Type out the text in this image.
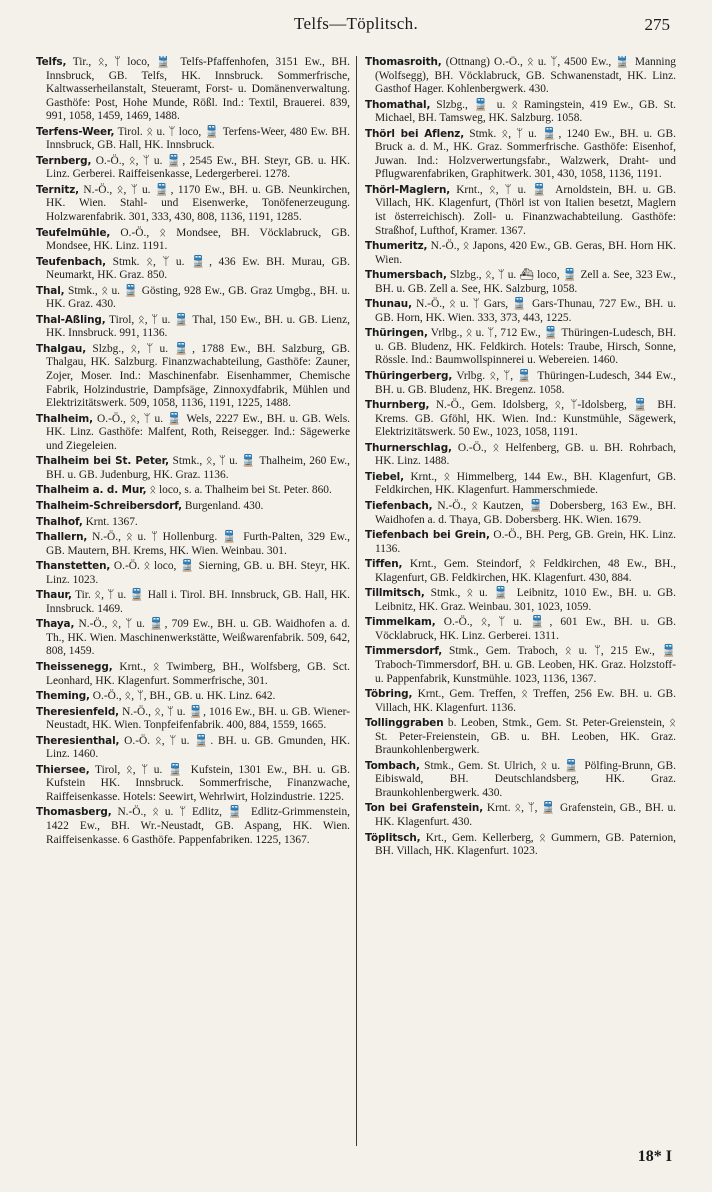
Telfs—Töplitsch.	275

Telfs, Tir., ᛟ, ᛘ loco, 🚆 Telfs-Pfaffenhofen, 3151 Ew., BH. Innsbruck, GB. Telfs, HK. Innsbruck. Sommerfrische, Kaltwasserheilanstalt, Steueramt, Forst- u. Domänenverwaltung. Gasthöfe: Post, Hohe Munde, Rößl. Ind.: Textil, Brauerei. 839, 991, 1058, 1459, 1469, 1488.

Terfens-Weer, Tirol. ᛟ u. ᛘ loco, 🚆 Terfens-Weer, 480 Ew. BH. Innsbruck, GB. Hall, HK. Innsbruck.

Ternberg, O.-Ö., ᛟ, ᛘ u. 🚆, 2545 Ew., BH. Steyr, GB. u. HK. Linz. Gerberei. Raiffeisenkasse, Ledergerberei. 1278.

Ternitz, N.-Ö., ᛟ, ᛘ u. 🚆, 1170 Ew., BH. u. GB. Neunkirchen, HK. Wien. Stahl- und Eisenwerke, Tonöfenerzeugung. Holzwarenfabrik. 301, 333, 430, 808, 1136, 1191, 1285.

Teufelmühle, O.-Ö., ᛟ Mondsee, BH. Vöcklabruck, GB. Mondsee, HK. Linz. 1191.

Teufenbach, Stmk. ᛟ, ᛘ u. 🚆, 436 Ew. BH. Murau, GB. Neumarkt, HK. Graz. 850.

Thal, Stmk., ᛟ u. 🚆 Gösting, 928 Ew., GB. Graz Umgbg., BH. u. HK. Graz. 430.

Thal-Aßling, Tirol, ᛟ, ᛘ u. 🚆 Thal, 150 Ew., BH. u. GB. Lienz, HK. Innsbruck. 991, 1136.

Thalgau, Slzbg., ᛟ, ᛘ u. 🚆, 1788 Ew., BH. Salzburg, GB. Thalgau, HK. Salzburg. Finanzwachabteilung, Gasthöfe: Zauner, Zojer, Moser. Ind.: Maschinenfabr. Eisenhammer, Chemische Fabrik, Holzindustrie, Dampfsäge, Zinnoxydfabrik, Mühlen und Elektrizitätswerk. 509, 1058, 1136, 1191, 1225, 1488.

Thalheim, O.-Ö., ᛟ, ᛘ u. 🚆 Wels, 2227 Ew., BH. u. GB. Wels. HK. Linz. Gasthöfe: Malfent, Roth, Reisegger. Ind.: Sägewerke und Ziegeleien.

Thalheim bei St. Peter, Stmk., ᛟ, ᛘ u. 🚆 Thalheim, 260 Ew., BH. u. GB. Judenburg, HK. Graz. 1136.

Thalheim a. d. Mur, ᛟ loco, s. a. Thalheim bei St. Peter. 860.

Thalheim-Schreibersdorf, Burgenland. 430.

Thalhof, Krnt. 1367.

Thallern, N.-Ö., ᛟ u. ᛘ Hollenburg. 🚆 Furth-Palten, 329 Ew., GB. Mautern, BH. Krems, HK. Wien. Weinbau. 301.

Thanstetten, O.-Ö. ᛟ loco, 🚆 Sierning, GB. u. BH. Steyr, HK. Linz. 1023.

Thaur, Tir. ᛟ, ᛘ u. 🚆 Hall i. Tirol. BH. Innsbruck, GB. Hall, HK. Innsbruck. 1469.

Thaya, N.-Ö., ᛟ, ᛘ u. 🚆, 709 Ew., BH. u. GB. Waidhofen a. d. Th., HK. Wien. Maschinenwerkstätte, Weißwarenfabrik. 509, 642, 808, 1459.

Theissenegg, Krnt., ᛟ Twimberg, BH., Wolfsberg, GB. Sct. Leonhard, HK. Klagenfurt. Sommerfrische, 301.

Theming, O.-Ö., ᛟ, ᛘ, BH., GB. u. HK. Linz. 642.

Theresienfeld, N.-Ö., ᛟ, ᛘ u. 🚆, 1016 Ew., BH. u. GB. Wiener-Neustadt, HK. Wien. Tonpfeifenfabrik. 400, 884, 1559, 1665.

Theresienthal, O.-Ö. ᛟ, ᛘ u. 🚆. BH. u. GB. Gmunden, HK. Linz. 1460.

Thiersee, Tirol, ᛟ, ᛘ u. 🚆 Kufstein, 1301 Ew., BH. u. GB. Kufstein HK. Innsbruck. Sommerfrische, Finanzwache, Raiffeisenkasse. Hotels: Seewirt, Wehrlwirt, Holzindustrie. 1225.

Thomasberg, N.-Ö., ᛟ u. ᛘ Edlitz, 🚆 Edlitz-Grimmenstein, 1422 Ew., BH. Wr.-Neustadt, GB. Aspang, HK. Wien. Raiffeisenkasse. 6 Gasthöfe. Pappenfabriken. 1225, 1367.

Thomasroith, (Ottnang) O.-Ö., ᛟ u. ᛘ, 4500 Ew., 🚆 Manning (Wolfsegg), BH. Vöcklabruck, GB. Schwanenstadt, HK. Linz. Gasthof Hager. Kohlenbergwerk. 430.

Thomathal, Slzbg., 🚆 u. ᛟ Ramingstein, 419 Ew., GB. St. Michael, BH. Tamsweg, HK. Salzburg. 1058.

Thörl bei Aflenz, Stmk. ᛟ, ᛘ u. 🚆, 1240 Ew., BH. u. GB. Bruck a. d. M., HK. Graz. Sommerfrische. Gasthöfe: Eisenhof, Juwan. Ind.: Holzverwertungsfabr., Walzwerk, Draht- und Pflugwarenfabriken, Graphitwerk. 301, 430, 1058, 1136, 1191.

Thörl-Maglern, Krnt., ᛟ, ᛘ u. 🚆 Arnoldstein, BH. u. GB. Villach, HK. Klagenfurt, (Thörl ist von Italien besetzt, Maglern ist österreichisch). Zoll- u. Finanzwachabteilung. Gasthöfe: Straßhof, Lufthof, Kramer. 1367.

Thumeritz, N.-Ö., ᛟ Japons, 420 Ew., GB. Geras, BH. Horn HK. Wien.

Thumersbach, Slzbg., ᛟ, ᛘ u. ⛴ loco, 🚆 Zell a. See, 323 Ew., BH. u. GB. Zell a. See, HK. Salzburg, 1058.

Thunau, N.-Ö., ᛟ u. ᛘ Gars, 🚆 Gars-Thunau, 727 Ew., BH. u. GB. Horn, HK. Wien. 333, 373, 443, 1225.

Thüringen, Vrlbg., ᛟ u. ᛘ, 712 Ew., 🚆 Thüringen-Ludesch, BH. u. GB. Bludenz, HK. Feldkirch. Hotels: Traube, Hirsch, Sonne, Rössle. Ind.: Baumwollspinnerei u. Webereien. 1460.

Thüringerberg, Vrlbg. ᛟ, ᛘ, 🚆 Thüringen-Ludesch, 344 Ew., BH. u. GB. Bludenz, HK. Bregenz. 1058.

Thurnberg, N.-Ö., Gem. Idolsberg, ᛟ, ᛘ-Idolsberg, 🚆 BH. Krems. GB. Gföhl, HK. Wien. Ind.: Kunstmühle, Sägewerk, Elektrizitätswerk. 50 Ew., 1023, 1058, 1191.

Thurnerschlag, O.-Ö., ᛟ Helfenberg, GB. u. BH. Rohrbach, HK. Linz. 1488.

Tiebel, Krnt., ᛟ Himmelberg, 144 Ew., BH. Klagenfurt, GB. Feldkirchen, HK. Klagenfurt. Hammerschmiede.

Tiefenbach, N.-Ö., ᛟ Kautzen, 🚆 Dobersberg, 163 Ew., BH. Waidhofen a. d. Thaya, GB. Dobersberg. HK. Wien. 1679.

Tiefenbach bei Grein, O.-Ö., BH. Perg, GB. Grein, HK. Linz. 1136.

Tiffen, Krnt., Gem. Steindorf, ᛟ Feldkirchen, 48 Ew., BH., Klagenfurt, GB. Feldkirchen, HK. Klagenfurt. 430, 884.

Tillmitsch, Stmk., ᛟ u. 🚆 Leibnitz, 1010 Ew., BH. u. GB. Leibnitz, HK. Graz. Weinbau. 301, 1023, 1059.

Timmelkam, O.-Ö., ᛟ, ᛘ u. 🚆, 601 Ew., BH. u. GB. Vöcklabruck, HK. Linz. Gerberei. 1311.

Timmersdorf, Stmk., Gem. Traboch, ᛟ u. ᛘ, 215 Ew., 🚆 Traboch-Timmersdorf, BH. u. GB. Leoben, HK. Graz. Holzstoff- u. Pappenfabrik, Kunstmühle. 1023, 1136, 1367.

Töbring, Krnt., Gem. Treffen, ᛟ Treffen, 256 Ew. BH. u. GB. Villach, HK. Klagenfurt. 1136.

Tollinggraben b. Leoben, Stmk., Gem. St. Peter-Greienstein, ᛟ St. Peter-Freienstein, GB. u. BH. Leoben, HK. Graz. Braunkohlenbergwerk.

Tombach, Stmk., Gem. St. Ulrich, ᛟ u. 🚆 Pölfing-Brunn, GB. Eibiswald, BH. Deutschlandsberg, HK. Graz. Braunkohlenbergwerk. 430.

Ton bei Grafenstein, Krnt. ᛟ, ᛘ, 🚆 Grafenstein, GB., BH. u. HK. Klagenfurt. 430.

Töplitsch, Krt., Gem. Kellerberg, ᛟ Gummern, GB. Paternion, BH. Villach, HK. Klagenfurt. 1023.

18* I
